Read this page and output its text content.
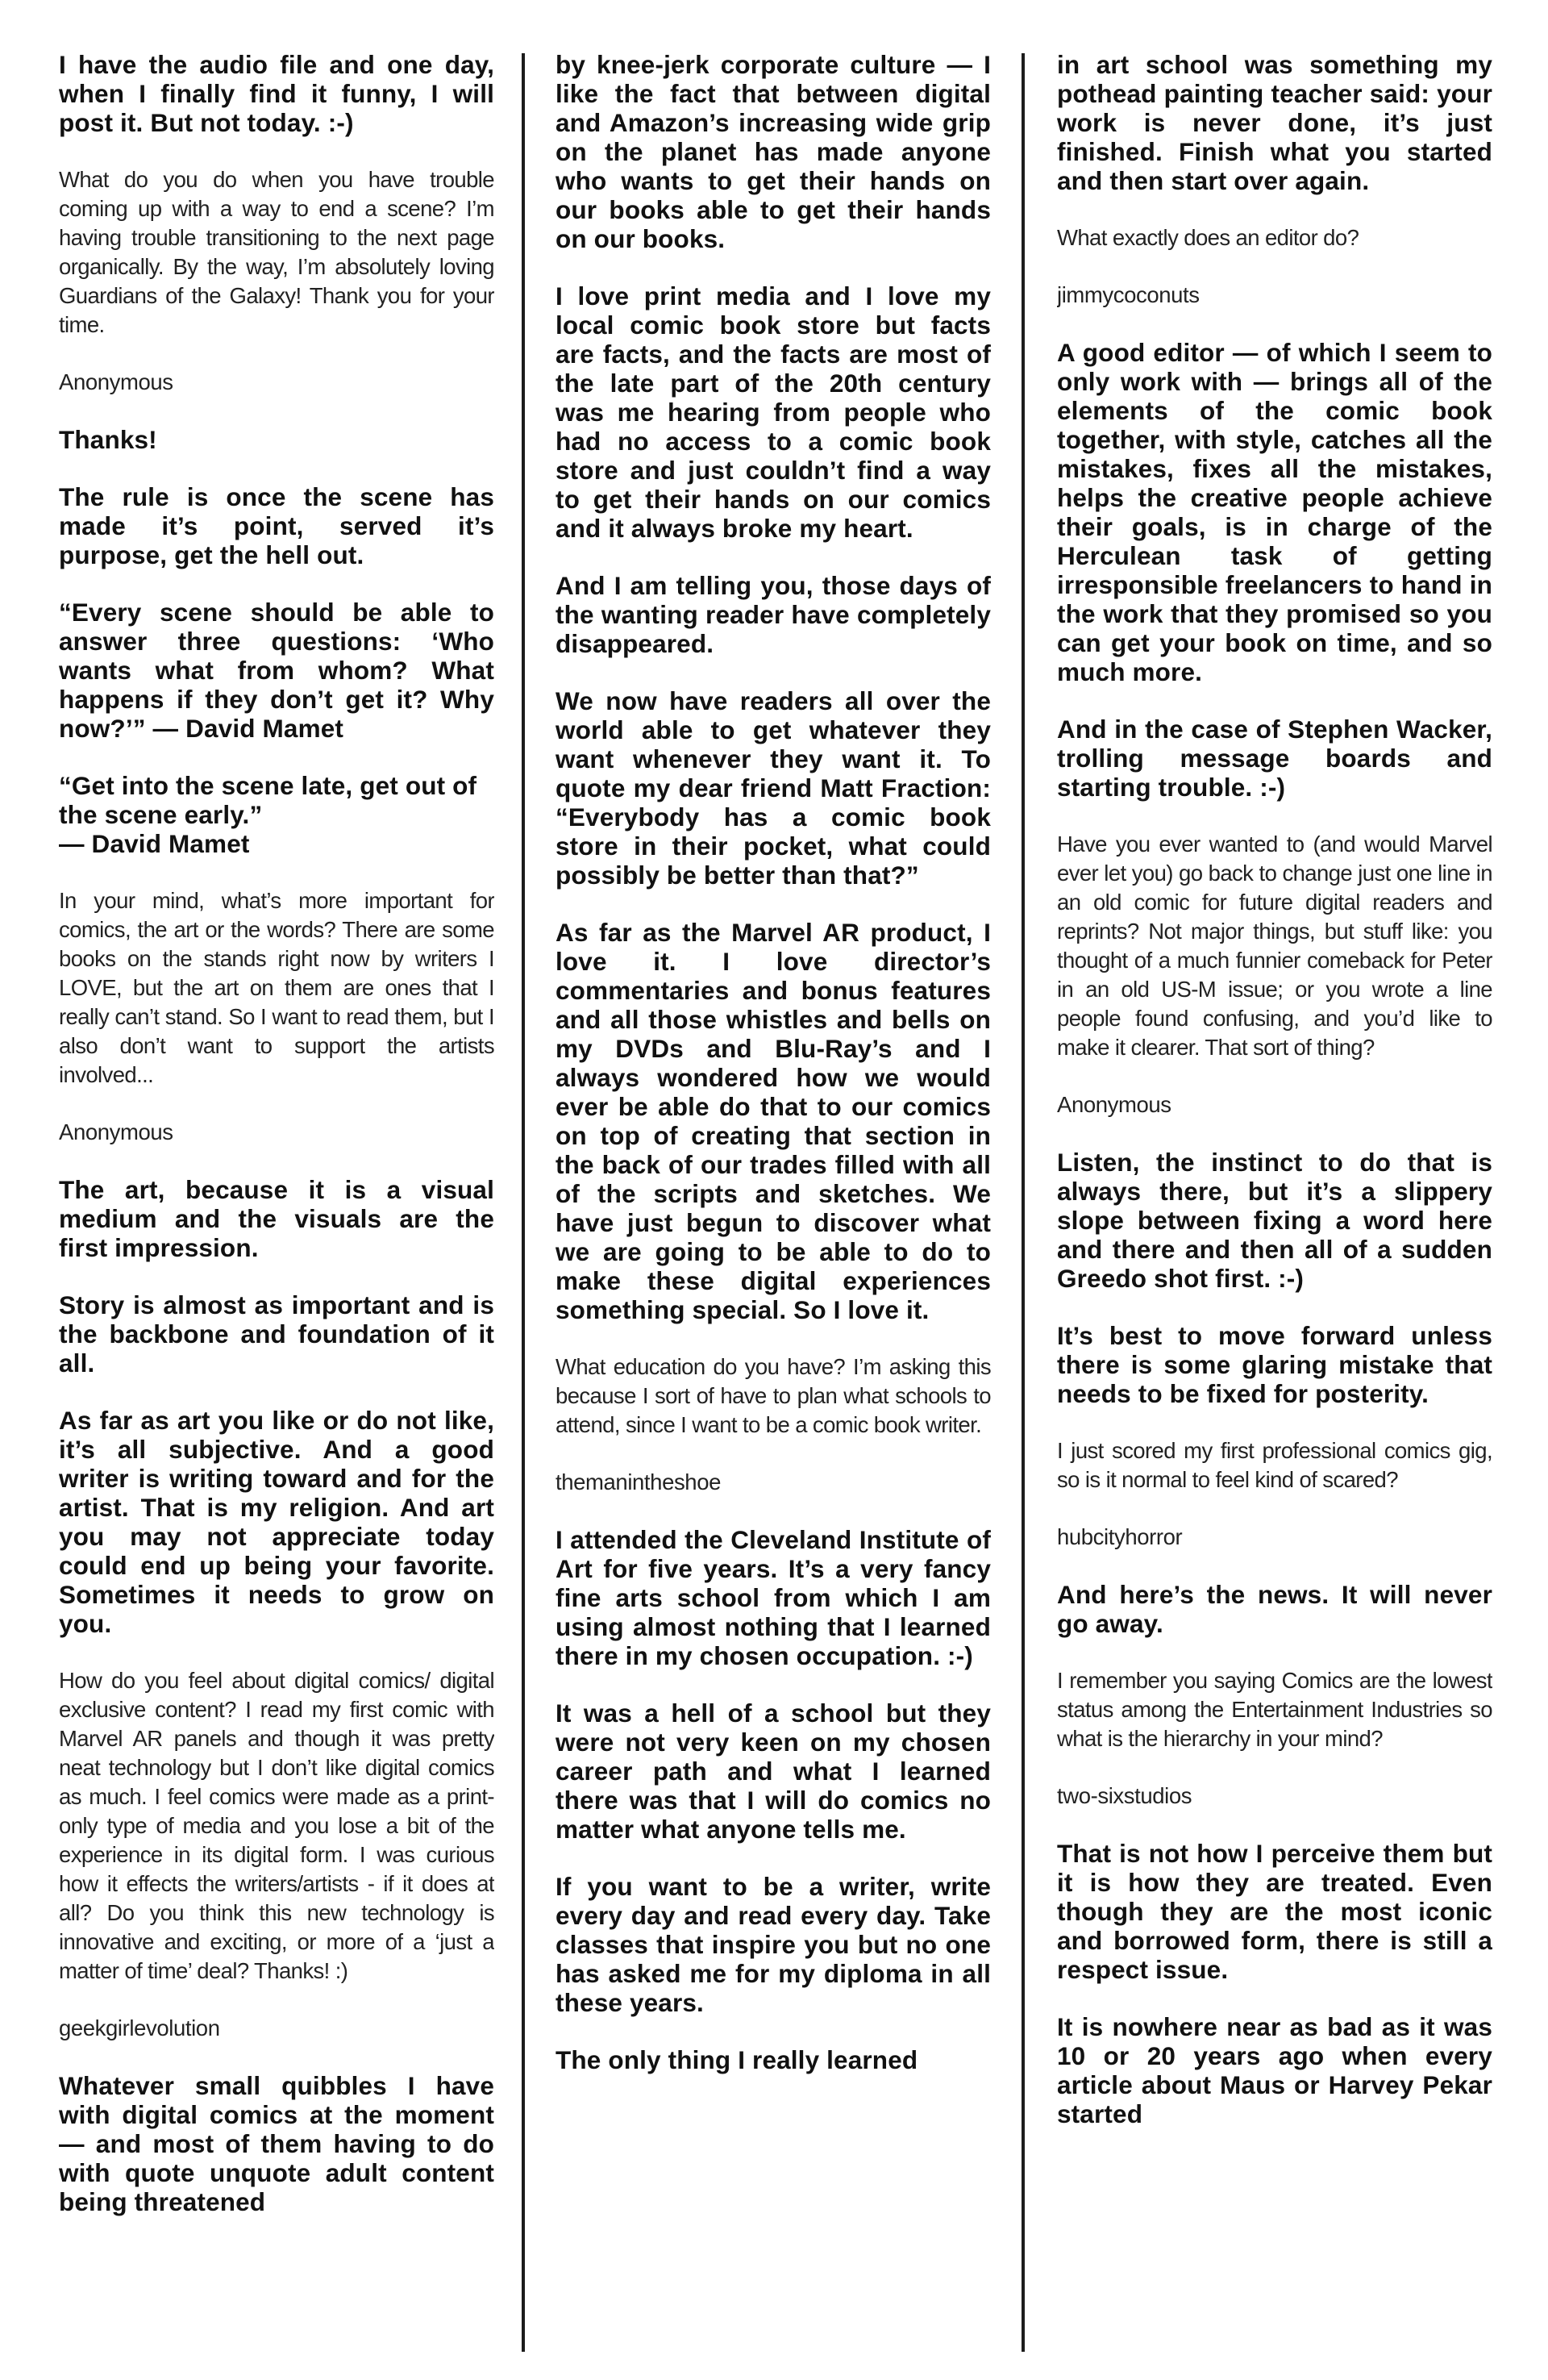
I have the audio file and one day, when I finally find it funny, I will post it. But not today. :-)

What do you do when you have trouble coming up with a way to end a scene? I’m having trouble transitioning to the next page organically. By the way, I’m absolutely loving Guardians of the Galaxy! Thank you for your time.

Anonymous

Thanks!

The rule is once the scene has made it’s point, served it’s purpose, get the hell out.

“Every scene should be able to answer three questions: ‘Who wants what from whom? What happens if they don’t get it? Why now?’” — David Mamet

“Get into the scene late, get out of the scene early.”
— David Mamet

In your mind, what’s more important for comics, the art or the words? There are some books on the stands right now by writers I LOVE, but the art on them are ones that I really can’t stand. So I want to read them, but I also don’t want to support the artists involved...

Anonymous

The art, because it is a visual medium and the visuals are the first impression.

Story is almost as important and is the backbone and foundation of it all.

As far as art you like or do not like, it’s all subjective. And a good writer is writing toward and for the artist. That is my religion. And art you may not appreciate today could end up being your favorite. Sometimes it needs to grow on you.

How do you feel about digital comics/ digital exclusive content? I read my first comic with Marvel AR panels and though it was pretty neat technology but I don’t like digital comics as much. I feel comics were made as a print-only type of media and you lose a bit of the experience in its digital form. I was curious how it effects the writers/artists - if it does at all? Do you think this new technology is innovative and exciting, or more of a ‘just a matter of time’ deal? Thanks! :)

geekgirlevolution

Whatever small quibbles I have with digital comics at the moment — and most of them having to do with quote unquote adult content being threatened

by knee-jerk corporate culture — I like the fact that between digital and Amazon’s increasing wide grip on the planet has made anyone who wants to get their hands on our books able to get their hands on our books.

I love print media and I love my local comic book store but facts are facts, and the facts are most of the late part of the 20th century was me hearing from people who had no access to a comic book store and just couldn’t find a way to get their hands on our comics and it always broke my heart.

And I am telling you, those days of the wanting reader have completely disappeared.

We now have readers all over the world able to get whatever they want whenever they want it. To quote my dear friend Matt Fraction: “Everybody has a comic book store in their pocket, what could possibly be better than that?”

As far as the Marvel AR product, I love it. I love director’s commentaries and bonus features and all those whistles and bells on my DVDs and Blu-Ray’s and I always wondered how we would ever be able do that to our comics on top of creating that section in the back of our trades filled with all of the scripts and sketches. We have just begun to discover what we are going to be able to do to make these digital experiences something special. So I love it.

What education do you have? I’m asking this because I sort of have to plan what schools to attend, since I want to be a comic book writer.

themanintheshoe

I attended the Cleveland Institute of Art for five years. It’s a very fancy fine arts school from which I am using almost nothing that I learned there in my chosen occupation. :-)

It was a hell of a school but they were not very keen on my chosen career path and what I learned there was that I will do comics no matter what anyone tells me.

If you want to be a writer, write every day and read every day. Take classes that inspire you but no one has asked me for my diploma in all these years.

The only thing I really learned

in art school was something my pothead painting teacher said: your work is never done, it’s just finished. Finish what you started and then start over again.

What exactly does an editor do?

jimmycoconuts

A good editor — of which I seem to only work with — brings all of the elements of the comic book together, with style, catches all the mistakes, fixes all the mistakes, helps the creative people achieve their goals, is in charge of the Herculean task of getting irresponsible freelancers to hand in the work that they promised so you can get your book on time, and so much more.

And in the case of Stephen Wacker, trolling message boards and starting trouble. :-)

Have you ever wanted to (and would Marvel ever let you) go back to change just one line in an old comic for future digital readers and reprints? Not major things, but stuff like: you thought of a much funnier comeback for Peter in an old US-M issue; or you wrote a line people found confusing, and you’d like to make it clearer. That sort of thing?

Anonymous

Listen, the instinct to do that is always there, but it’s a slippery slope between fixing a word here and there and then all of a sudden Greedo shot first. :-)

It’s best to move forward unless there is some glaring mistake that needs to be fixed for posterity.

I just scored my first professional comics gig, so is it normal to feel kind of scared?

hubcityhorror

And here’s the news. It will never go away.

I remember you saying Comics are the lowest status among the Entertainment Industries so what is the hierarchy in your mind?

two-sixstudios

That is not how I perceive them but it is how they are treated. Even though they are the most iconic and borrowed form, there is still a respect issue.

It is nowhere near as bad as it was 10 or 20 years ago when every article about Maus or Harvey Pekar started
